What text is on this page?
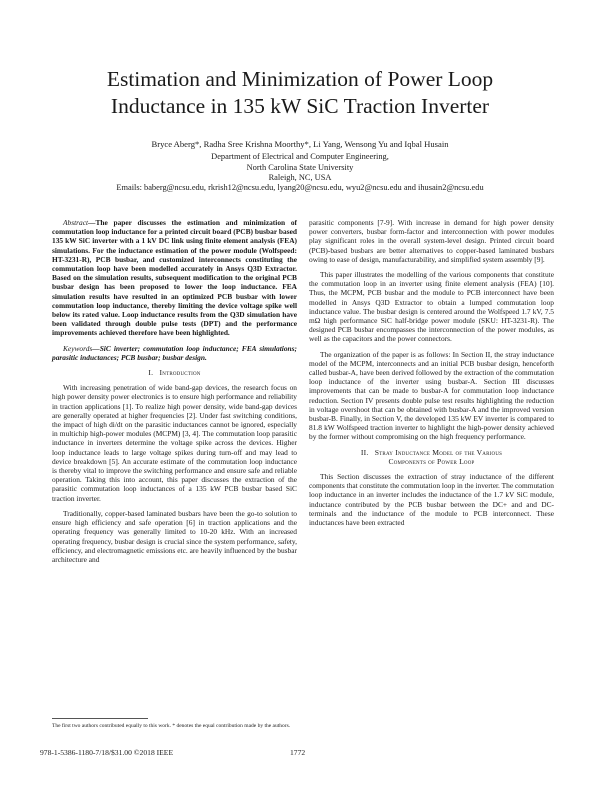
Estimation and Minimization of Power Loop
Inductance in 135 kW SiC Traction Inverter
Bryce Aberg*, Radha Sree Krishna Moorthy*, Li Yang, Wensong Yu and Iqbal Husain
Department of Electrical and Computer Engineering,
North Carolina State University
Raleigh, NC, USA
Emails: baberg@ncsu.edu, rkrish12@ncsu.edu, lyang20@ncsu.edu, wyu2@ncsu.edu and ihusain2@ncsu.edu

Abstract—The paper discusses the estimation and minimization of commutation loop inductance for a printed circuit board (PCB) busbar based 135 kW SiC inverter with a 1 kV DC link using finite element analysis (FEA) simulations. For the inductance estimation of the power module (Wolfspeed: HT-3231-R), PCB busbar, and customized interconnects constituting the commutation loop have been modelled accurately in Ansys Q3D Extractor. Based on the simulation results, subsequent modification to the original PCB busbar design has been proposed to lower the loop inductance. FEA simulation results have resulted in an optimized PCB busbar with lower commutation loop inductance, thereby limiting the device voltage spike well below its rated value. Loop inductance results from the Q3D simulation have been validated through double pulse tests (DPT) and the performance improvements achieved therefore have been highlighted.

Keywords—SiC inverter; commutation loop inductance; FEA simulations; parasitic inductances; PCB busbar; busbar design.

I. Introduction

With increasing penetration of wide band-gap devices, the research focus on high power density power electronics is to ensure high performance and reliability in traction applications [1]. To realize high power density, wide band-gap devices are generally operated at higher frequencies [2]. Under fast switching conditions, the impact of high di/dt on the parasitic inductances cannot be ignored, especially in multichip high-power modules (MCPM) [3, 4]. The commutation loop parasitic inductance in inverters determine the voltage spike across the devices. Higher loop inductance leads to large voltage spikes during turn-off and may lead to device breakdown [5]. An accurate estimate of the commutation loop inductance is thereby vital to improve the switching performance and ensure safe and reliable operation. Taking this into account, this paper discusses the extraction of the parasitic commutation loop inductances of a 135 kW PCB busbar based SiC traction inverter.

Traditionally, copper-based laminated busbars have been the go-to solution to ensure high efficiency and safe operation [6] in traction applications and the operating frequency was generally limited to 10-20 kHz. With an increased operating frequency, busbar design is crucial since the system performance, safety, efficiency, and electromagnetic emissions etc. are heavily influenced by the busbar architecture and

parasitic components [7-9]. With increase in demand for high power density power converters, busbar form-factor and interconnection with power modules play significant roles in the overall system-level design. Printed circuit board (PCB)-based busbars are better alternatives to copper-based laminated busbars owing to ease of design, manufacturability, and simplified system assembly [9].

This paper illustrates the modelling of the various components that constitute the commutation loop in an inverter using finite element analysis (FEA) [10]. Thus, the MCPM, PCB busbar and the module to PCB interconnect have been modelled in Ansys Q3D Extractor to obtain a lumped commutation loop inductance value. The busbar design is centered around the Wolfspeed 1.7 kV, 7.5 mΩ high performance SiC half-bridge power module (SKU: HT-3231-R). The designed PCB busbar encompasses the interconnection of the power modules, as well as the capacitors and the power connectors.

The organization of the paper is as follows: In Section II, the stray inductance model of the MCPM, interconnects and an initial PCB busbar design, henceforth called busbar-A, have been derived followed by the extraction of the commutation loop inductance of the inverter using busbar-A. Section III discusses improvements that can be made to busbar-A for commutation loop inductance reduction. Section IV presents double pulse test results highlighting the reduction in voltage overshoot that can be obtained with busbar-A and the improved version busbar-B. Finally, in Section V, the developed 135 kW EV inverter is compared to 81.8 kW Wolfspeed traction inverter to highlight the high-power density achieved by the former without compromising on the high frequency performance.

II. Stray Inductance Model of the Various
Components of Power Loop

This Section discusses the extraction of stray inductance of the different components that constitute the commutation loop in the inverter. The commutation loop inductance in an inverter includes the inductance of the 1.7 kV SiC module, inductance contributed by the PCB busbar between the DC+ and and DC- terminals and the inductance of the module to PCB interconnect. These inductances have been extracted

The first two authors contributed equally to this work. * denotes the equal contribution made by the authors.
978-1-5386-1180-7/18/$31.00 ©2018 IEEE	1772
